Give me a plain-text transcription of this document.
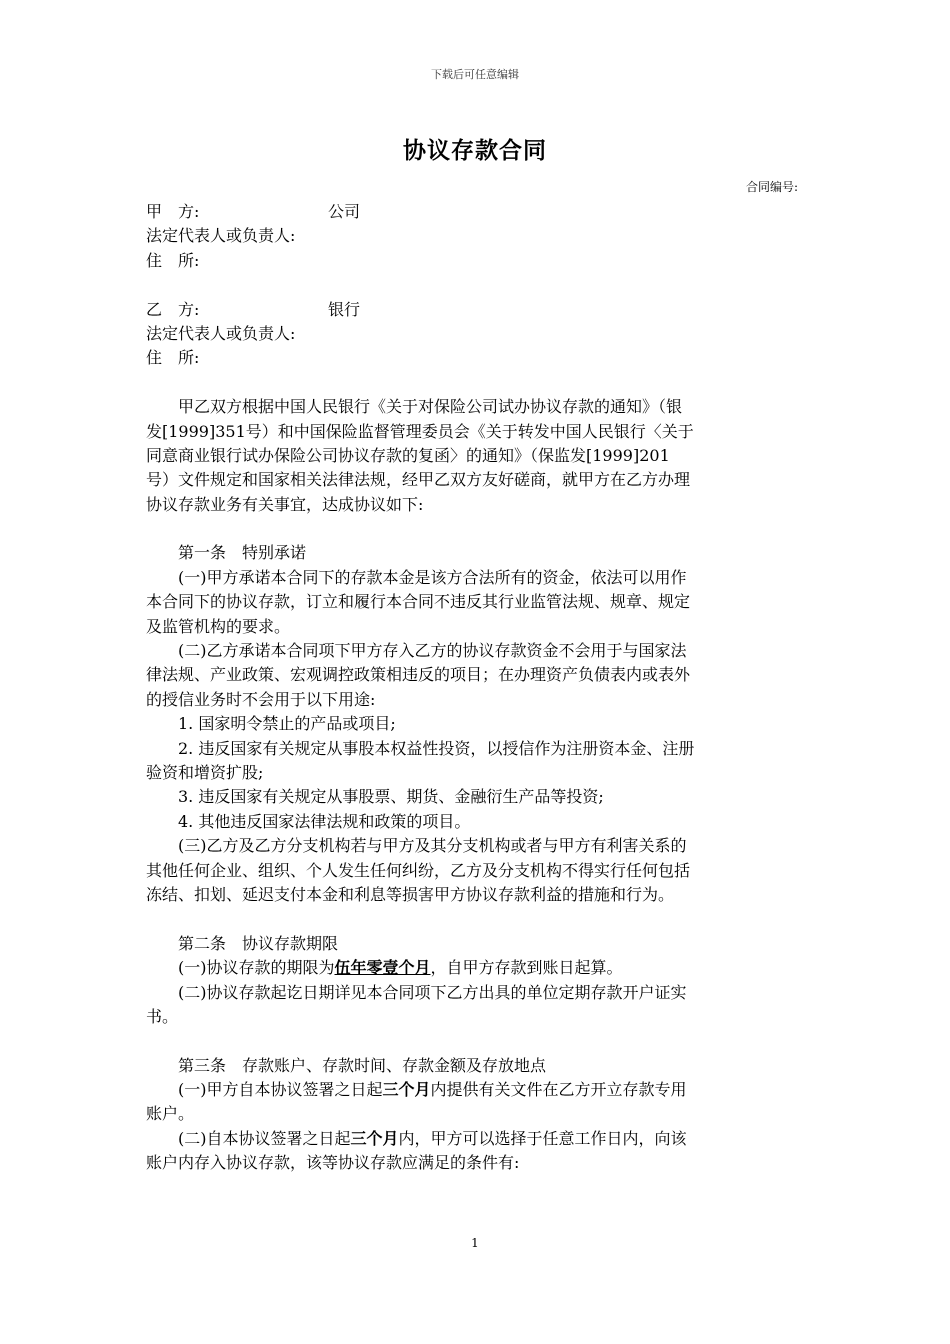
下载后可任意编辑
协议存款合同
合同编号:
甲　方:	公司
法定代表人或负责人:
住　所:
乙　方:	银行
法定代表人或负责人:
住　所:
甲乙双方根据中国人民银行《关于对保险公司试办协议存款的通知》（银
发[1999]351号）和中国保险监督管理委员会《关于转发中国人民银行〈关于
同意商业银行试办保险公司协议存款的复函〉的通知》（保监发[1999]201
号）文件规定和国家相关法律法规，经甲乙双方友好磋商，就甲方在乙方办理
协议存款业务有关事宜，达成协议如下:
第一条　特别承诺
(一)甲方承诺本合同下的存款本金是该方合法所有的资金，依法可以用作
本合同下的协议存款，订立和履行本合同不违反其行业监管法规、规章、规定
及监管机构的要求。
(二)乙方承诺本合同项下甲方存入乙方的协议存款资金不会用于与国家法
律法规、产业政策、宏观调控政策相违反的项目；在办理资产负债表内或表外
的授信业务时不会用于以下用途:
1. 国家明令禁止的产品或项目;
2. 违反国家有关规定从事股本权益性投资，以授信作为注册资本金、注册
验资和增资扩股;
3. 违反国家有关规定从事股票、期货、金融衍生产品等投资;
4. 其他违反国家法律法规和政策的项目。
(三)乙方及乙方分支机构若与甲方及其分支机构或者与甲方有利害关系的
其他任何企业、组织、个人发生任何纠纷，乙方及分支机构不得实行任何包括
冻结、扣划、延迟支付本金和利息等损害甲方协议存款利益的措施和行为。
第二条　协议存款期限
(一)协议存款的期限为伍年零壹个月，自甲方存款到账日起算。
(二)协议存款起讫日期详见本合同项下乙方出具的单位定期存款开户证实
书。
第三条　存款账户、存款时间、存款金额及存放地点
(一)甲方自本协议签署之日起三个月内提供有关文件在乙方开立存款专用
账户。
(二)自本协议签署之日起三个月内，甲方可以选择于任意工作日内，向该
账户内存入协议存款，该等协议存款应满足的条件有:
1
